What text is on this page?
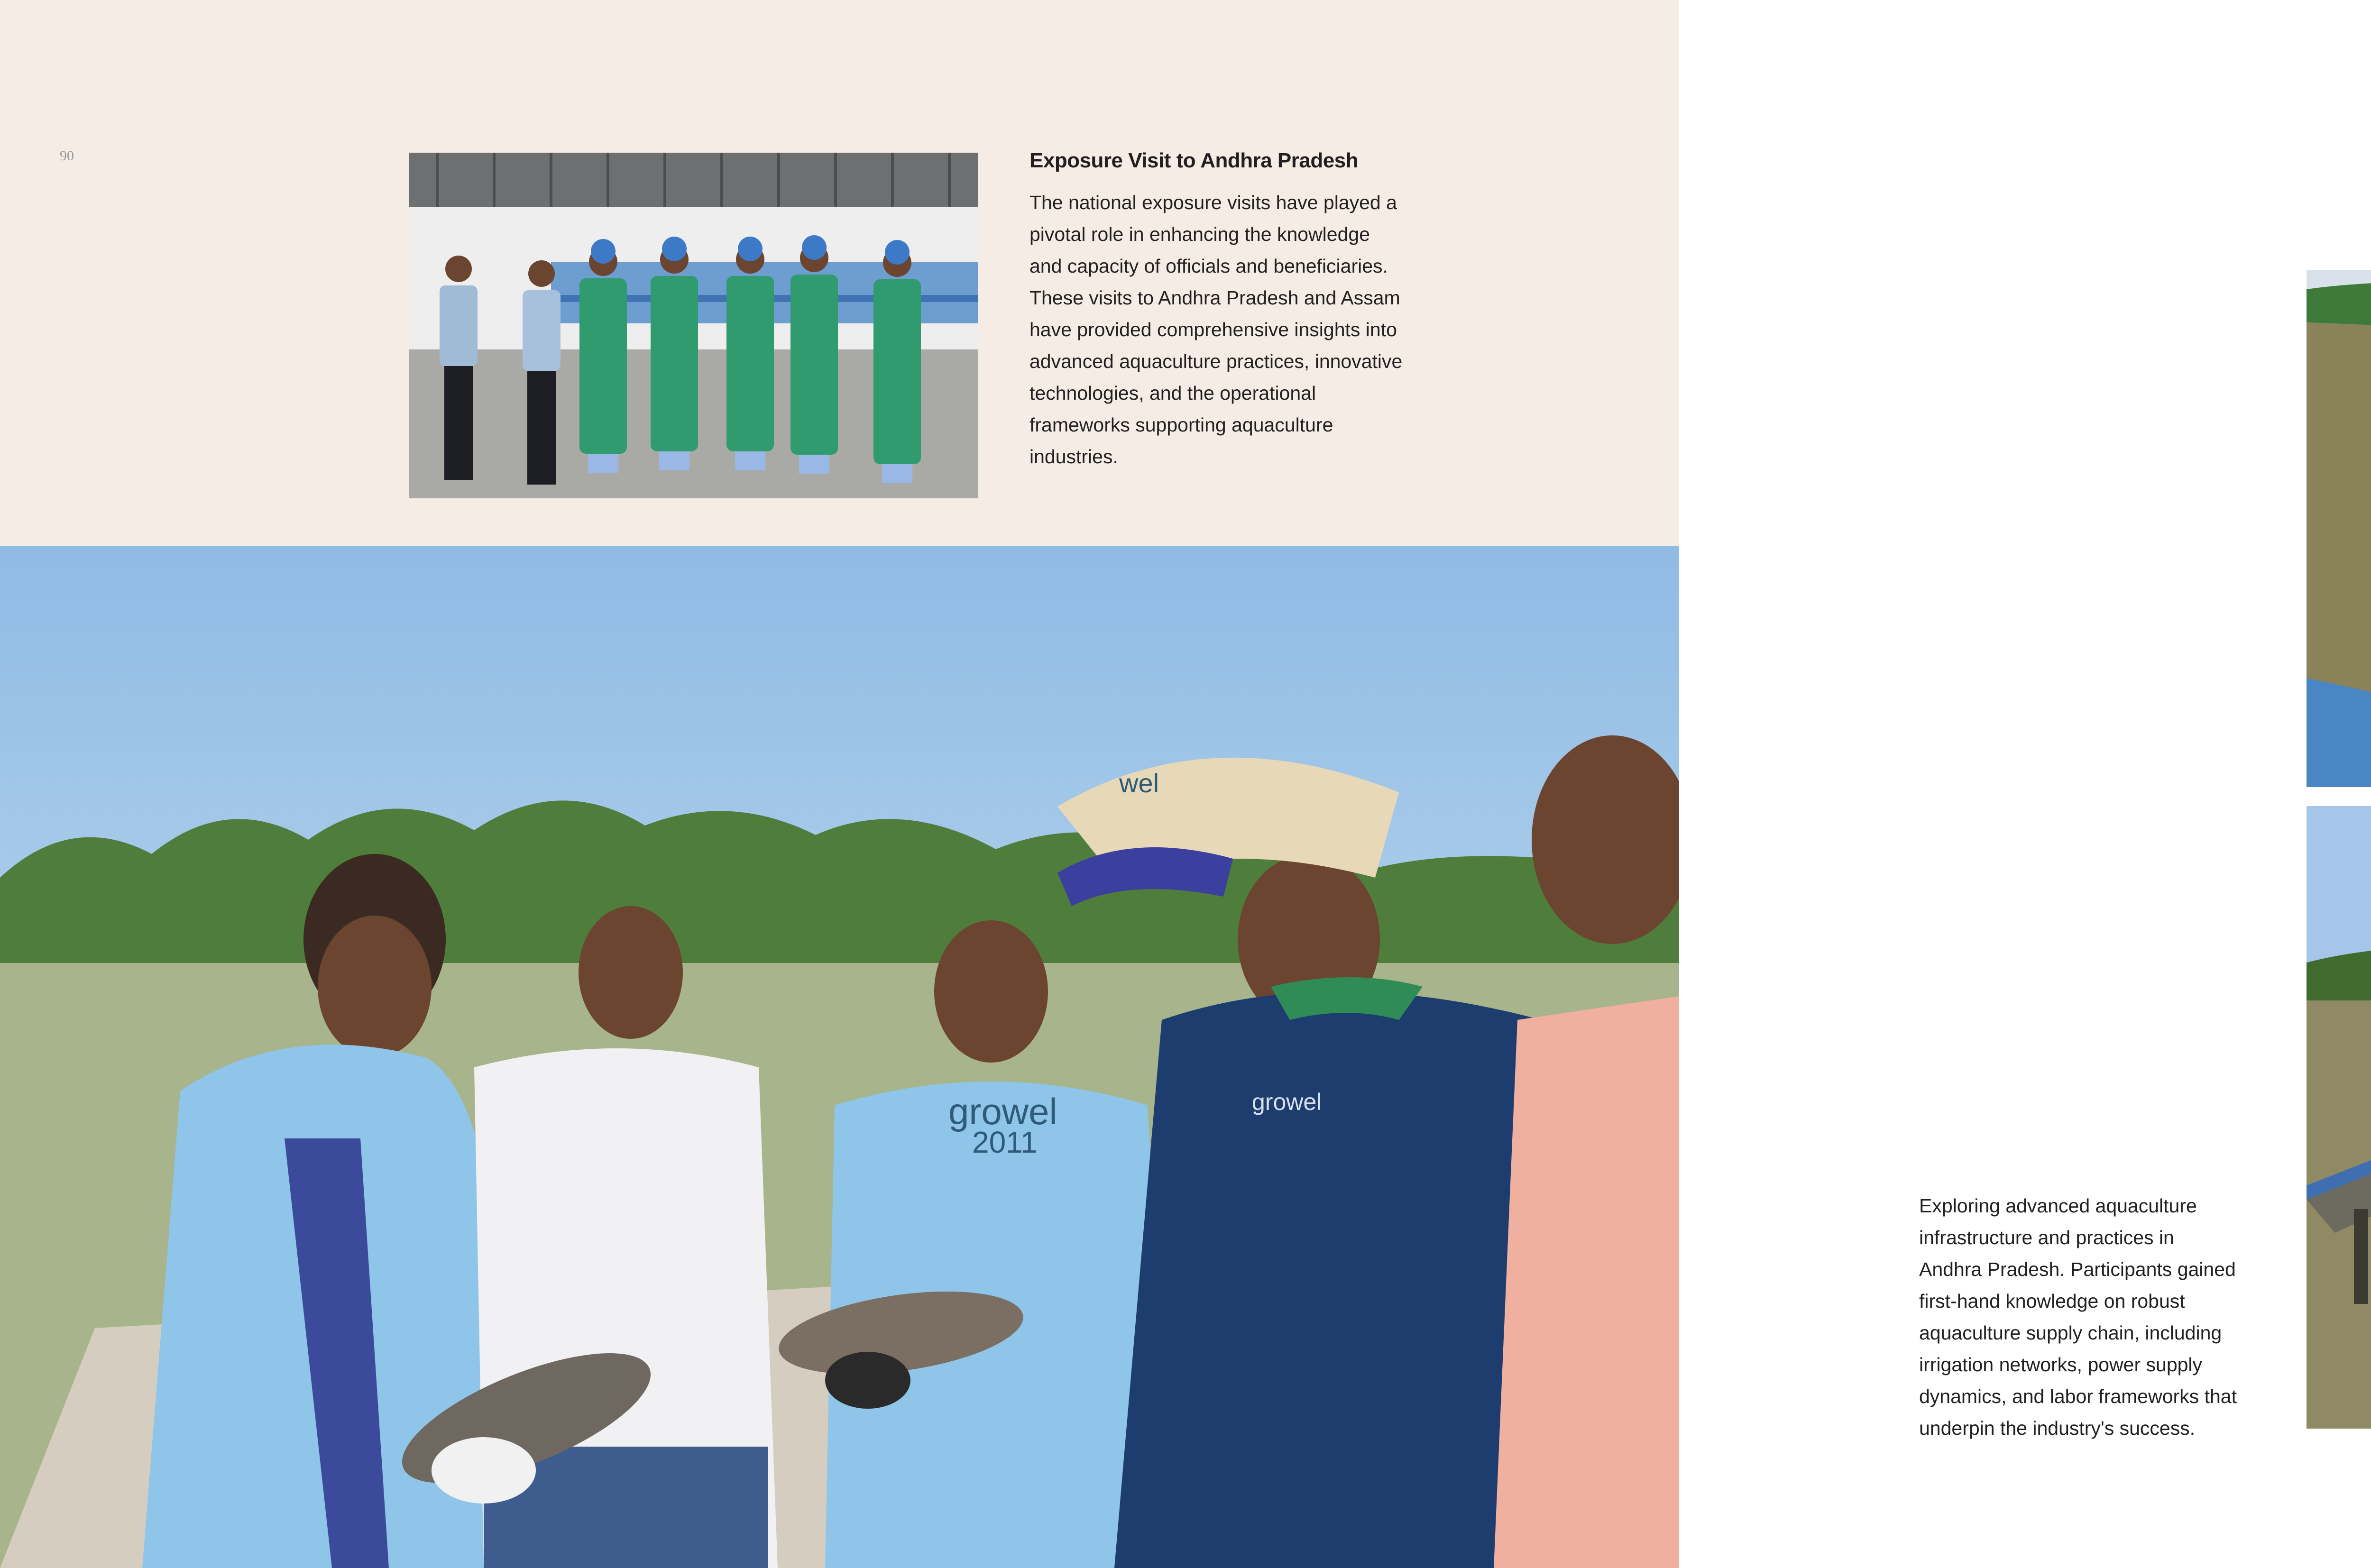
90	Exposure Visit to Andhra Pradesh
The national exposure visits have played a
pivotal role in enhancing the knowledge
and capacity of officials and beneficiaries.
These visits to Andhra Pradesh and Assam
have provided comprehensive insights into
advanced aquaculture practices, innovative
technologies, and the operational
frameworks supporting aquaculture
industries.
growel
2011
wel
growel
Exploring advanced aquaculture
infrastructure and practices in
Andhra Pradesh. Participants gained
first-hand knowledge on robust
aquaculture supply chain, including
irrigation networks, power supply
dynamics, and labor frameworks that
underpin the industry's success.
